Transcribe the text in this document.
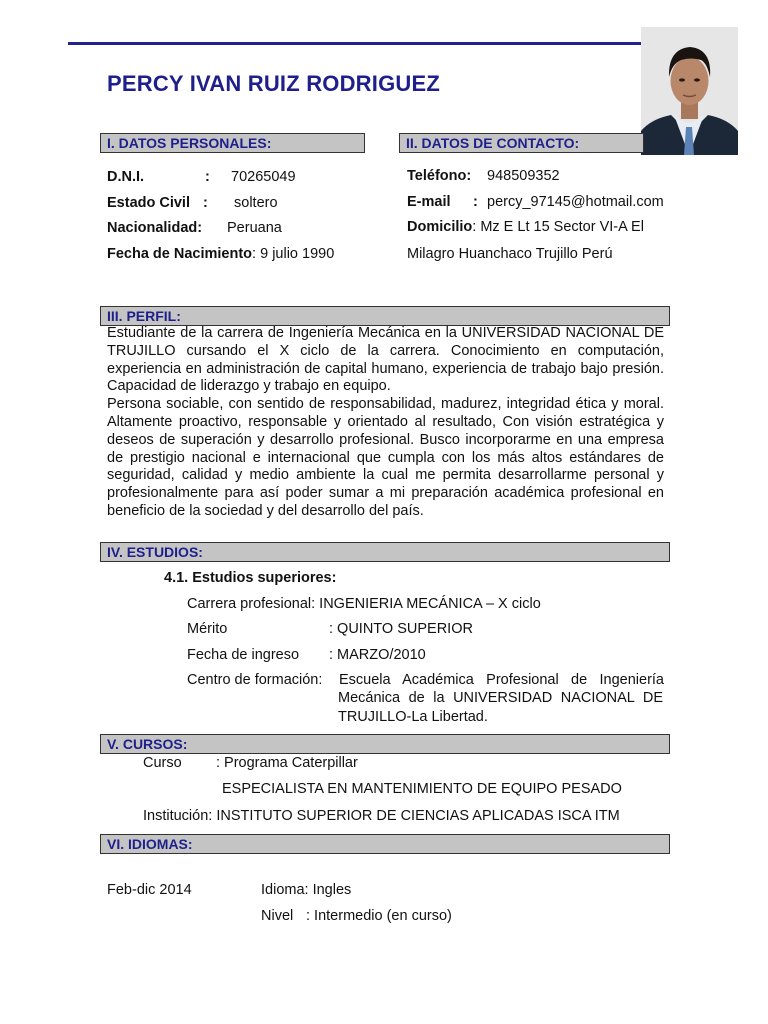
PERCY IVAN RUIZ RODRIGUEZ
I. DATOS PERSONALES:	II. DATOS DE CONTACTO:
D.N.I.	: 70265049
Estado Civil : soltero
Nacionalidad: Peruana
Fecha de Nacimiento: 9 julio 1990
Teléfono: 948509352
E-mail : percy_97145@hotmail.com
Domicilio: Mz E Lt 15 Sector VI-A El
Milagro Huanchaco Trujillo Perú
III. PERFIL:
Estudiante de la carrera de Ingeniería Mecánica en la UNIVERSIDAD NACIONAL DE TRUJILLO cursando el X ciclo de la carrera. Conocimiento en computación, experiencia en administración de capital humano, experiencia de trabajo bajo presión. Capacidad de liderazgo y trabajo en equipo.
Persona sociable, con sentido de responsabilidad, madurez, integridad ética y moral. Altamente proactivo, responsable y orientado al resultado, Con visión estratégica y deseos de superación y desarrollo profesional. Busco incorporarme en una empresa de prestigio nacional e internacional que cumpla con los más altos estándares de seguridad, calidad y medio ambiente la cual me permita desarrollarme personal y profesionalmente para así poder sumar a mi preparación académica profesional en beneficio de la sociedad y del desarrollo del país.
IV. ESTUDIOS:
4.1. Estudios superiores:
Carrera profesional: INGENIERIA MECÁNICA – X ciclo
Mérito	: QUINTO SUPERIOR
Fecha de ingreso : MARZO/2010
Centro de formación: Escuela Académica Profesional de Ingeniería
Mecánica de la UNIVERSIDAD NACIONAL DE
TRUJILLO-La Libertad.
V. CURSOS:
Curso : Programa Caterpillar
ESPECIALISTA EN MANTENIMIENTO DE EQUIPO PESADO
Institución: INSTITUTO SUPERIOR DE CIENCIAS APLICADAS ISCA ITM
VI. IDIOMAS:
Feb-dic 2014	Idioma: Ingles
Nivel : Intermedio (en curso)
